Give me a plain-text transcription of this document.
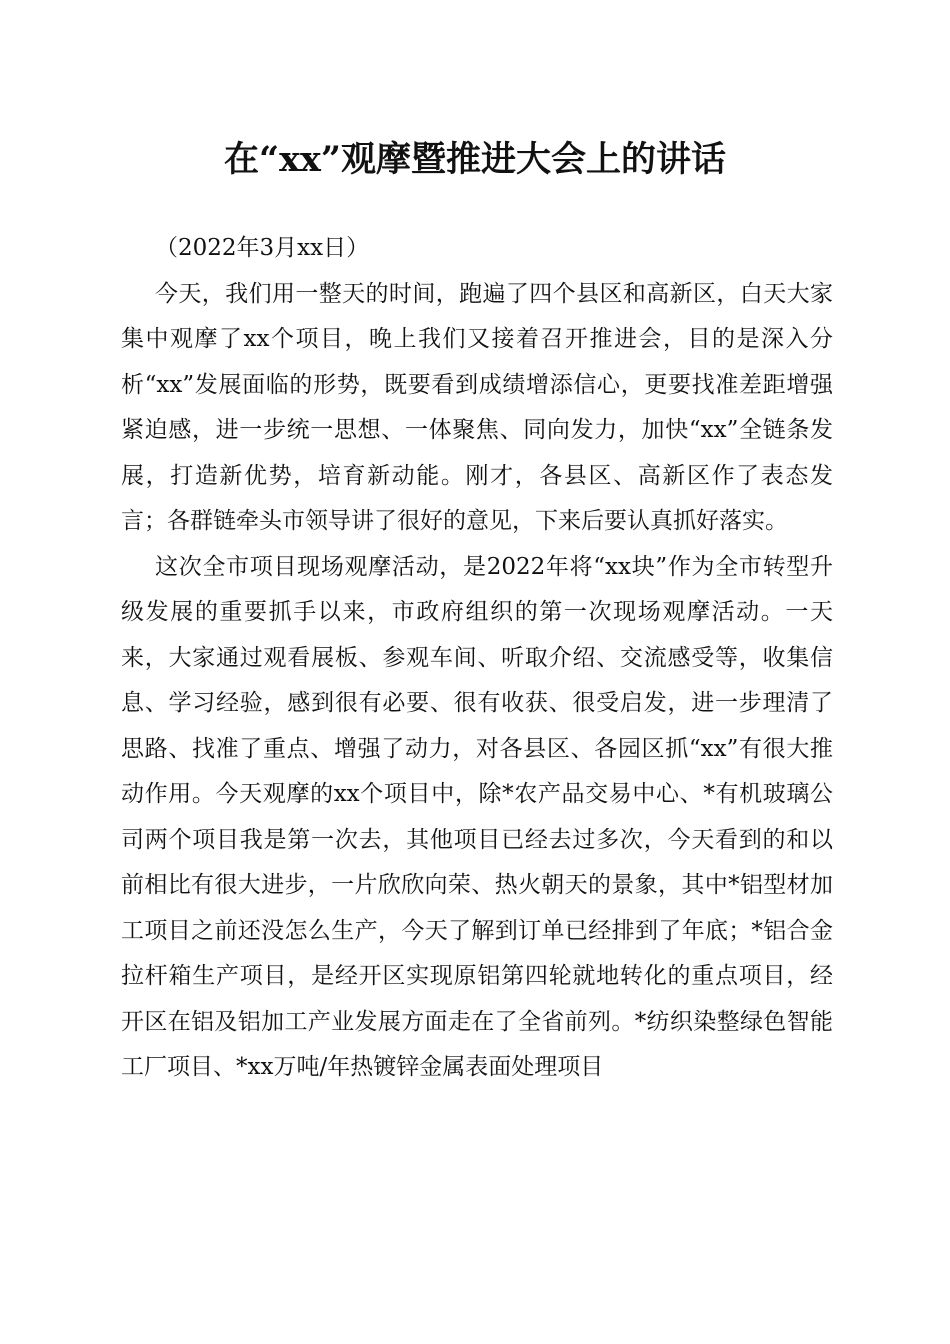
在“xx”观摩暨推进大会上的讲话

（2022年3月xx日）

今天，我们用一整天的时间，跑遍了四个县区和高新区，白天大家集中观摩了xx个项目，晚上我们又接着召开推进会，目的是深入分析“xx”发展面临的形势，既要看到成绩增添信心，更要找准差距增强紧迫感，进一步统一思想、一体聚焦、同向发力，加快“xx”全链条发展，打造新优势，培育新动能。刚才，各县区、高新区作了表态发言；各群链牵头市领导讲了很好的意见，下来后要认真抓好落实。

这次全市项目现场观摩活动，是2022年将“xx块”作为全市转型升级发展的重要抓手以来，市政府组织的第一次现场观摩活动。一天来，大家通过观看展板、参观车间、听取介绍、交流感受等，收集信息、学习经验，感到很有必要、很有收获、很受启发，进一步理清了思路、找准了重点、增强了动力，对各县区、各园区抓“xx”有很大推动作用。今天观摩的xx个项目中，除*农产品交易中心、*有机玻璃公司两个项目我是第一次去，其他项目已经去过多次，今天看到的和以前相比有很大进步，一片欣欣向荣、热火朝天的景象，其中*铝型材加工项目之前还没怎么生产，今天了解到订单已经排到了年底；*铝合金拉杆箱生产项目，是经开区实现原铝第四轮就地转化的重点项目，经开区在铝及铝加工产业发展方面走在了全省前列。*纺织染整绿色智能工厂项目、*xx万吨/年热镀锌金属表面处理项目
